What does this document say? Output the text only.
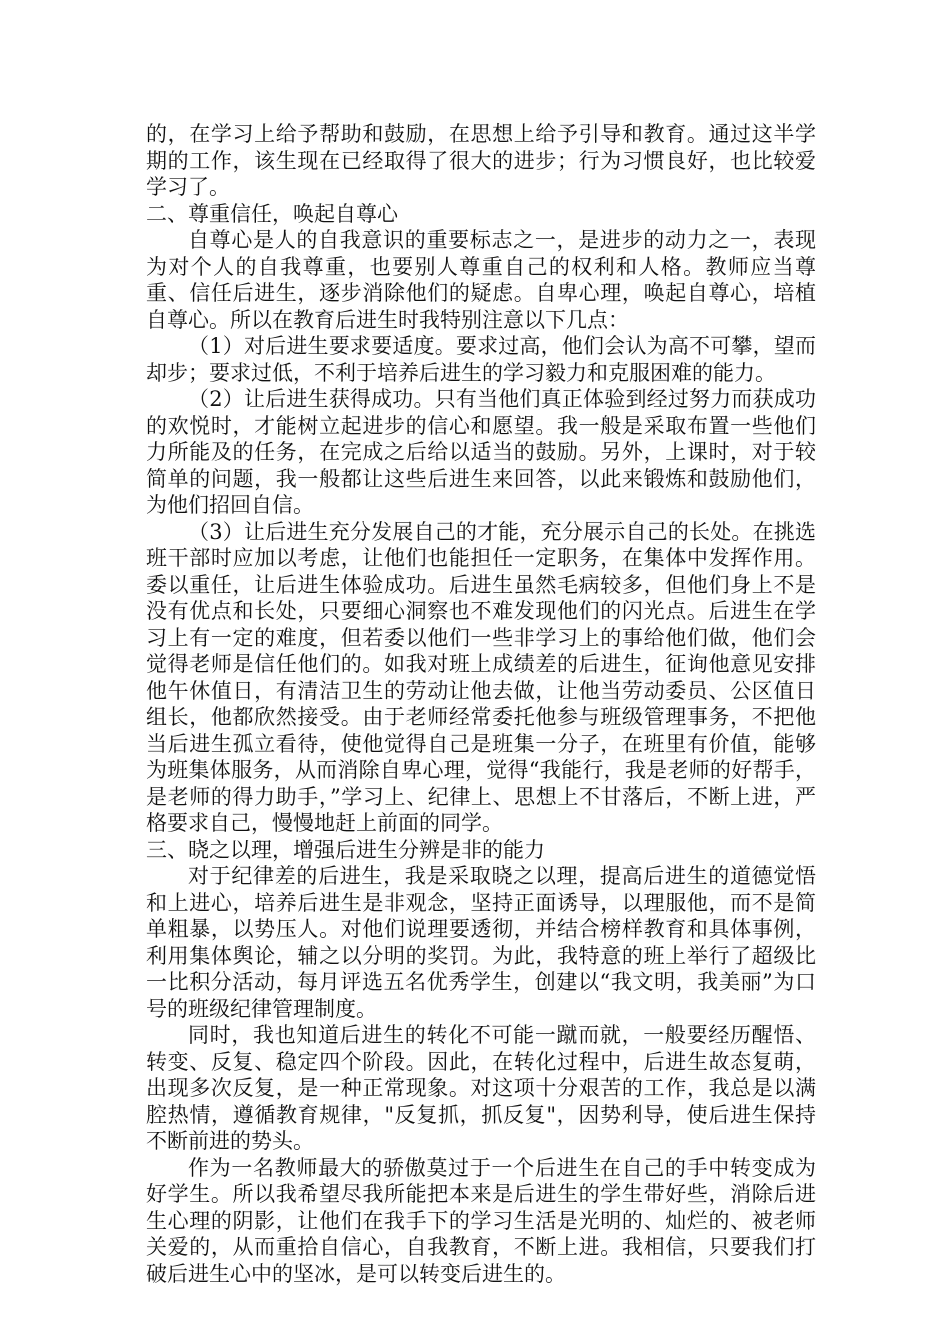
的，在学习上给予帮助和鼓励，在思想上给予引导和教育。通过这半学期的工作，该生现在已经取得了很大的进步；行为习惯良好，也比较爱学习了。

二、尊重信任，唤起自尊心

自尊心是人的自我意识的重要标志之一，是进步的动力之一，表现为对个人的自我尊重，也要别人尊重自己的权利和人格。教师应当尊重、信任后进生，逐步消除他们的疑虑。自卑心理，唤起自尊心，培植自尊心。所以在教育后进生时我特别注意以下几点：

（1）对后进生要求要适度。要求过高，他们会认为高不可攀，望而却步；要求过低，不利于培养后进生的学习毅力和克服困难的能力。

（2）让后进生获得成功。只有当他们真正体验到经过努力而获成功的欢悦时，才能树立起进步的信心和愿望。我一般是采取布置一些他们力所能及的任务，在完成之后给以适当的鼓励。另外，上课时，对于较简单的问题，我一般都让这些后进生来回答，以此来锻炼和鼓励他们，为他们招回自信。

（3）让后进生充分发展自己的才能，充分展示自己的长处。在挑选班干部时应加以考虑，让他们也能担任一定职务，在集体中发挥作用。委以重任，让后进生体验成功。后进生虽然毛病较多，但他们身上不是没有优点和长处，只要细心洞察也不难发现他们的闪光点。后进生在学习上有一定的难度，但若委以他们一些非学习上的事给他们做，他们会觉得老师是信任他们的。如我对班上成绩差的后进生，征询他意见安排他午休值日，有清洁卫生的劳动让他去做，让他当劳动委员、公区值日组长，他都欣然接受。由于老师经常委托他参与班级管理事务，不把他当后进生孤立看待，使他觉得自己是班集一分子，在班里有价值，能够为班集体服务，从而消除自卑心理，觉得“我能行，我是老师的好帮手，是老师的得力助手，”学习上、纪律上、思想上不甘落后，不断上进，严格要求自己，慢慢地赶上前面的同学。

三、晓之以理，增强后进生分辨是非的能力

对于纪律差的后进生，我是采取晓之以理，提高后进生的道德觉悟和上进心，培养后进生是非观念，坚持正面诱导，以理服他，而不是简单粗暴，以势压人。对他们说理要透彻，并结合榜样教育和具体事例，利用集体舆论，辅之以分明的奖罚。为此，我特意的班上举行了超级比一比积分活动，每月评选五名优秀学生，创建以“我文明，我美丽”为口号的班级纪律管理制度。

同时，我也知道后进生的转化不可能一蹴而就，一般要经历醒悟、转变、反复、稳定四个阶段。因此，在转化过程中，后进生故态复萌，出现多次反复，是一种正常现象。对这项十分艰苦的工作，我总是以满腔热情，遵循教育规律，"反复抓，抓反复"，因势利导，使后进生保持不断前进的势头。

作为一名教师最大的骄傲莫过于一个后进生在自己的手中转变成为好学生。所以我希望尽我所能把本来是后进生的学生带好些，消除后进生心理的阴影，让他们在我手下的学习生活是光明的、灿烂的、被老师关爱的，从而重拾自信心，自我教育，不断上进。我相信，只要我们打破后进生心中的坚冰，是可以转变后进生的。
